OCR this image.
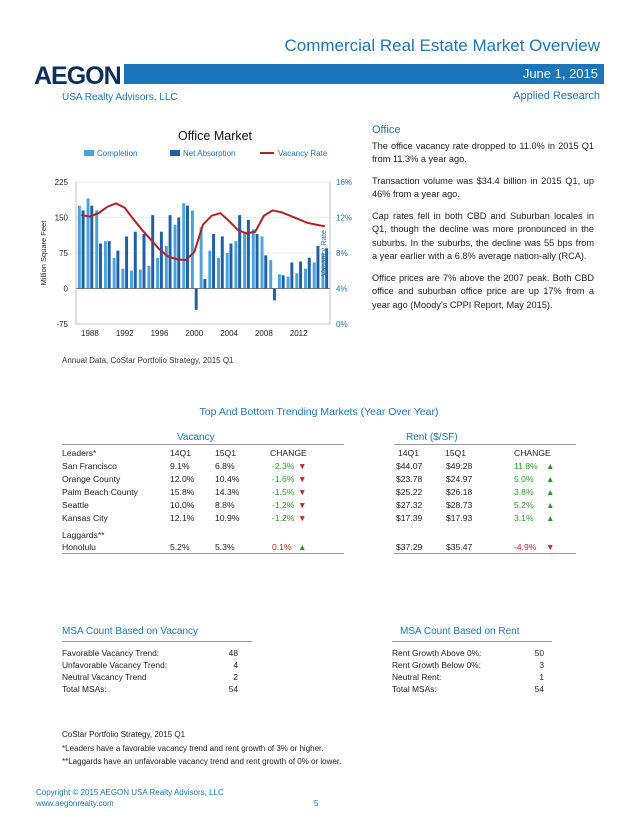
Commercial Real Estate Market Overview
June 1, 2015
AEGON
USA Realty Advisors, LLC	Applied Research
Office Market
Completion	Net Absorption	Vacancy Rate
225	16%
150	12%
75	8%
0	4%
-75	0%
Million Square Feet	Vacancy Rate
1988 1992 1996 2000 2004 2008 2012
Annual Data, CoStar Portfolio Strategy, 2015 Q1
Office

The office vacancy rate dropped to 11.0% in 2015 Q1 from 11.3% a year ago.

Transaction volume was $34.4 billion in 2015 Q1, up 46% from a year ago.

Cap rates fell in both CBD and Suburban locales in Q1, though the decline was more pronounced in the suburbs. In the suburbs, the decline was 55 bps from a year earlier with a 6.8% average nation-ally (RCA).

Office prices are 7% above the 2007 peak. Both CBD office and suburban office price are up 17% from a year ago (Moody's CPPI Report, May 2015).

Top And Bottom Trending Markets (Year Over Year)
Vacancy	Rent ($/SF)
Leaders*	14Q1	15Q1	CHANGE	14Q1	15Q1	CHANGE
San Francisco	9.1%	6.8%	-2.3% ▼	$44.07	$49.28	11.8% ▲
Orange County	12.0% 10.4%	-1.6% ▼	$23.78	$24.97	5.0% ▲
Palm Beach County	15.8% 14.3%	-1.5% ▼	$25.22	$26.18	3.8% ▲
Seattle	10.0% 8.8%	-1.2% ▼	$27.32	$28.73	5.2% ▲
Kansas City	12.1% 10.9%	-1.2% ▼	$17.39	$17.93	3.1% ▲
Laggards**
Honolulu	5.2%	5.3%	0.1% ▲	$37.29	$35.47	-4.9% ▼
MSA Count Based on Vacancy	MSA Count Based on Rent
Favorable Vacancy Trend:	48
Unfavorable Vacancy Trend:	4
Neutral Vacancy Trend	2
Total MSAs:	54
Rent Growth Above 0%:	50
Rent Growth Below 0%:	3
Neutral Rent:	1
Total MSAs:	54
CoStar Portfolio Strategy, 2015 Q1
*Leaders have a favorable vacancy trend and rent growth of 3% or higher.
**Laggards have an unfavorable vacancy trend and rent growth of 0% or lower.
Copyright © 2015 AEGON USA Realty Advisors, LLC
www.aegonrealty.com	5
